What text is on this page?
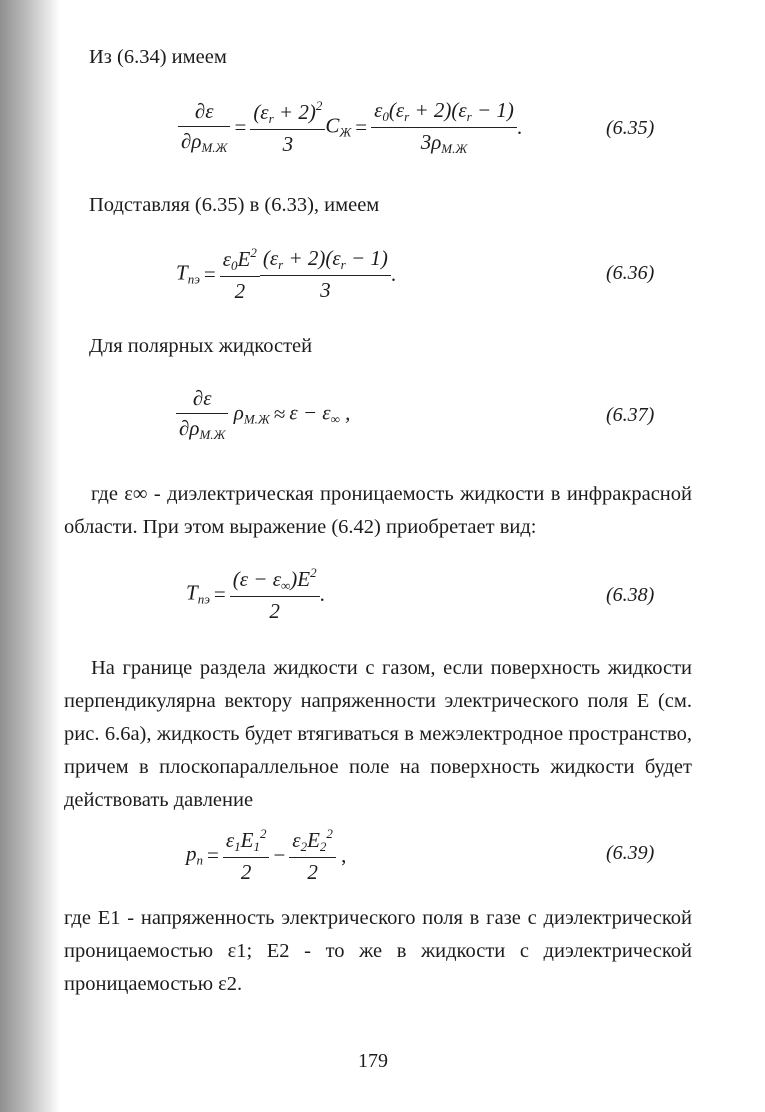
Из (6.34) имеем
$\frac{\partial\varepsilon}{\partial\rho_{М.Ж}} = \frac{(\varepsilon_r + 2)^2}{3} C_Ж = \frac{\varepsilon_0(\varepsilon_r + 2)(\varepsilon_r - 1)}{3\rho_{М.Ж}}$ .	(6.35)
Подставляя (6.35) в (6.33), имеем
$T_{пэ} = \frac{\varepsilon_0E^2}{2} \frac{(\varepsilon_r + 2)(\varepsilon_r - 1)}{3}$ .	(6.36)
Для полярных жидкостей
$\frac{\partial\varepsilon}{\partial\rho_{М.Ж}} \rho_{М.Ж} \approx \varepsilon - \varepsilon_\infty$ ,	(6.37)
где ε∞ - диэлектрическая проницаемость жидкости в инфракрасной области. При этом выражение (6.42) приобретает вид:
$T_{пэ} = \frac{(\varepsilon - \varepsilon_\infty)E^2}{2}$ .	(6.38)
На границе раздела жидкости с газом, если поверхность жидкости перпендикулярна вектору напряженности электрического поля E (см. рис. 6.6а), жидкость будет втягиваться в межэлектродное пространство, причем в плоскопараллельное поле на поверхность жидкости будет действовать давление
$p_n = \frac{\varepsilon_1E_1^2}{2} - \frac{\varepsilon_2E_2^2}{2}$ ,	(6.39)
где E1 - напряженность электрического поля в газе с диэлектрической проницаемостью ε1; E2 - то же в жидкости с диэлектрической проницаемостью ε2.
179
